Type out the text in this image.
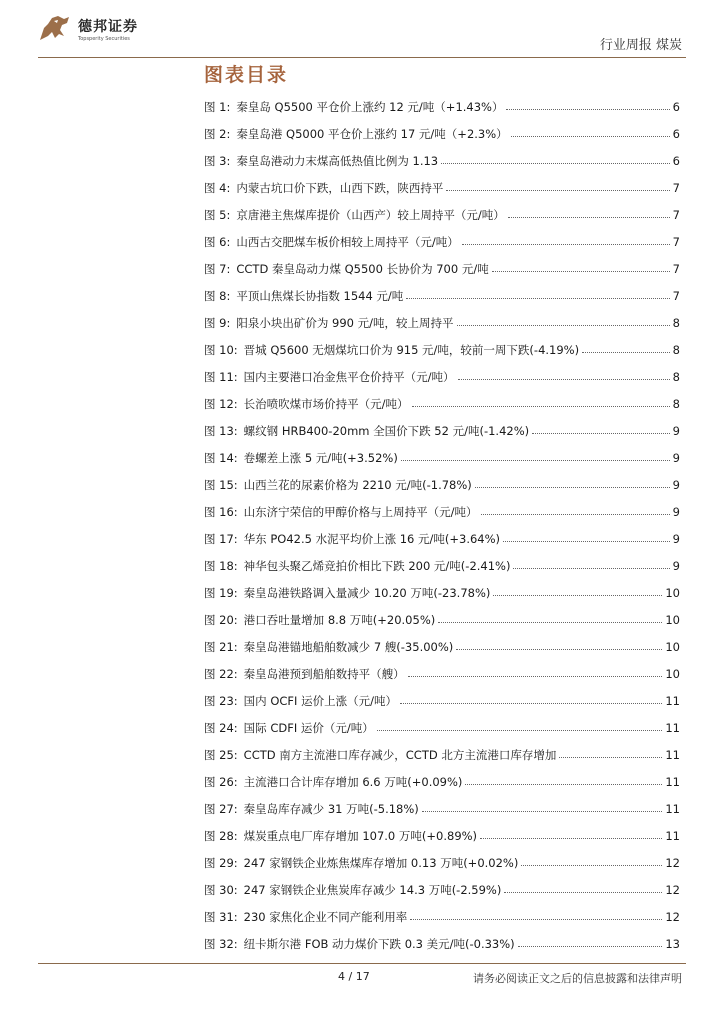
德邦证券
Topsperity Securities	行业周报 煤炭
图表目录
图 1: 秦皇岛 Q5500 平仓价上涨约 12 元/吨（+1.43%）	6
图 2: 秦皇岛港 Q5000 平仓价上涨约 17 元/吨（+2.3%）	6
图 3: 秦皇岛港动力末煤高低热值比例为 1.13	6
图 4: 内蒙古坑口价下跌，山西下跌，陕西持平	7
图 5: 京唐港主焦煤库提价（山西产）较上周持平（元/吨）	7
图 6: 山西古交肥煤车板价相较上周持平（元/吨）	7
图 7: CCTD 秦皇岛动力煤 Q5500 长协价为 700 元/吨	7
图 8: 平顶山焦煤长协指数 1544 元/吨	7
图 9: 阳泉小块出矿价为 990 元/吨，较上周持平	8
图 10: 晋城 Q5600 无烟煤坑口价为 915 元/吨，较前一周下跌(-4.19%)	8
图 11: 国内主要港口冶金焦平仓价持平（元/吨）	8
图 12: 长治喷吹煤市场价持平（元/吨）	8
图 13: 螺纹钢 HRB400-20mm 全国价下跌 52 元/吨(-1.42%)	9
图 14: 卷螺差上涨 5 元/吨(+3.52%)	9
图 15: 山西兰花的尿素价格为 2210 元/吨(-1.78%)	9
图 16: 山东济宁荣信的甲醇价格与上周持平（元/吨）	9
图 17: 华东 PO42.5 水泥平均价上涨 16 元/吨(+3.64%)	9
图 18: 神华包头聚乙烯竞拍价相比下跌 200 元/吨(-2.41%)	9
图 19: 秦皇岛港铁路调入量减少 10.20 万吨(-23.78%)	10
图 20: 港口吞吐量增加 8.8 万吨(+20.05%)	10
图 21: 秦皇岛港锚地船舶数减少 7 艘(-35.00%)	10
图 22: 秦皇岛港预到船舶数持平（艘）	10
图 23: 国内 OCFI 运价上涨（元/吨）	11
图 24: 国际 CDFI 运价（元/吨）	11
图 25: CCTD 南方主流港口库存减少，CCTD 北方主流港口库存增加	11
图 26: 主流港口合计库存增加 6.6 万吨(+0.09%)	11
图 27: 秦皇岛库存减少 31 万吨(-5.18%)	11
图 28: 煤炭重点电厂库存增加 107.0 万吨(+0.89%)	11
图 29: 247 家钢铁企业炼焦煤库存增加 0.13 万吨(+0.02%)	12
图 30: 247 家钢铁企业焦炭库存减少 14.3 万吨(-2.59%)	12
图 31: 230 家焦化企业不同产能利用率	12
图 32: 纽卡斯尔港 FOB 动力煤价下跌 0.3 美元/吨(-0.33%)	13
4 / 17	请务必阅读正文之后的信息披露和法律声明
